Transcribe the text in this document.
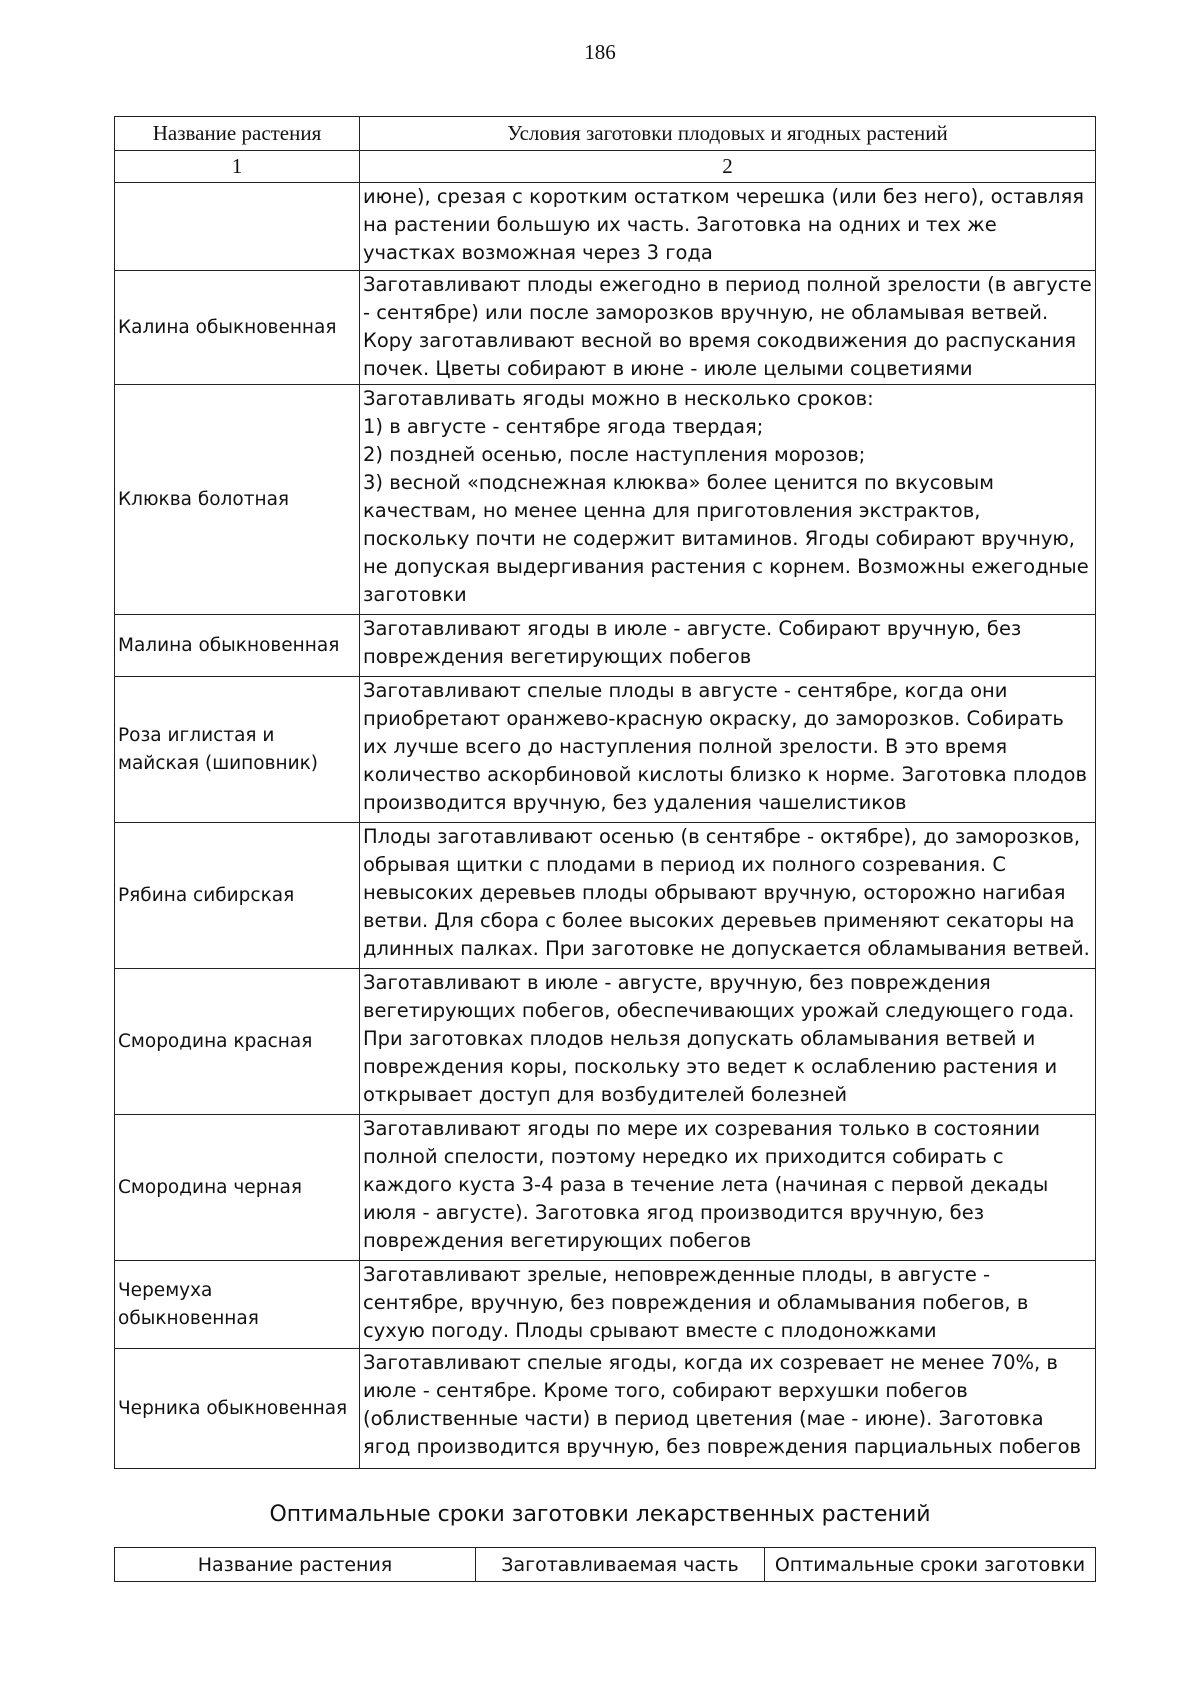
186
Название растения	Условия заготовки плодовых и ягодных растений
1	2
	июне), срезая с коротким остатком черешка (или без него), оставляя на растении большую их часть. Заготовка на одних и тех же участках возможная через 3 года
Калина обыкновенная	Заготавливают плоды ежегодно в период полной зрелости (в августе - сентябре) или после заморозков вручную, не обламывая ветвей. Кору заготавливают весной во время сокодвижения до распускания почек. Цветы собирают в июне - июле целыми соцветиями
Клюква болотная	Заготавливать ягоды можно в несколько сроков:
1) в августе - сентябре ягода твердая;
2) поздней осенью, после наступления морозов;
3) весной «подснежная клюква» более ценится по вкусовым качествам, но менее ценна для приготовления экстрактов, поскольку почти не содержит витаминов. Ягоды собирают вручную, не допуская выдергивания растения с корнем. Возможны ежегодные заготовки
Малина обыкновенная	Заготавливают ягоды в июле - августе. Собирают вручную, без повреждения вегетирующих побегов
Роза иглистая и майская (шиповник)	Заготавливают спелые плоды в августе - сентябре, когда они приобретают оранжево-красную окраску, до заморозков. Собирать их лучше всего до наступления полной зрелости. В это время количество аскорбиновой кислоты близко к норме. Заготовка плодов производится вручную, без удаления чашелистиков
Рябина сибирская	Плоды заготавливают осенью (в сентябре - октябре), до заморозков, обрывая щитки с плодами в период их полного созревания. С невысоких деревьев плоды обрывают вручную, осторожно нагибая ветви. Для сбора с более высоких деревьев применяют секаторы на длинных палках. При заготовке не допускается обламывания ветвей.
Смородина красная	Заготавливают в июле - августе, вручную, без повреждения вегетирующих побегов, обеспечивающих урожай следующего года. При заготовках плодов нельзя допускать обламывания ветвей и повреждения коры, поскольку это ведет к ослаблению растения и открывает доступ для возбудителей болезней
Смородина черная	Заготавливают ягоды по мере их созревания только в состоянии полной спелости, поэтому нередко их приходится собирать с каждого куста 3-4 раза в течение лета (начиная с первой декады июля - августе). Заготовка ягод производится вручную, без повреждения вегетирующих побегов
Черемуха обыкновенная	Заготавливают зрелые, неповрежденные плоды, в августе - сентябре, вручную, без повреждения и обламывания побегов, в сухую погоду. Плоды срывают вместе с плодоножками
Черника обыкновенная	Заготавливают спелые ягоды, когда их созревает не менее 70%, в июле - сентябре. Кроме того, собирают верхушки побегов (облиственные части) в период цветения (мае - июне). Заготовка ягод производится вручную, без повреждения парциальных побегов
Оптимальные сроки заготовки лекарственных растений
Название растения	Заготавливаемая часть	Оптимальные сроки заготовки
